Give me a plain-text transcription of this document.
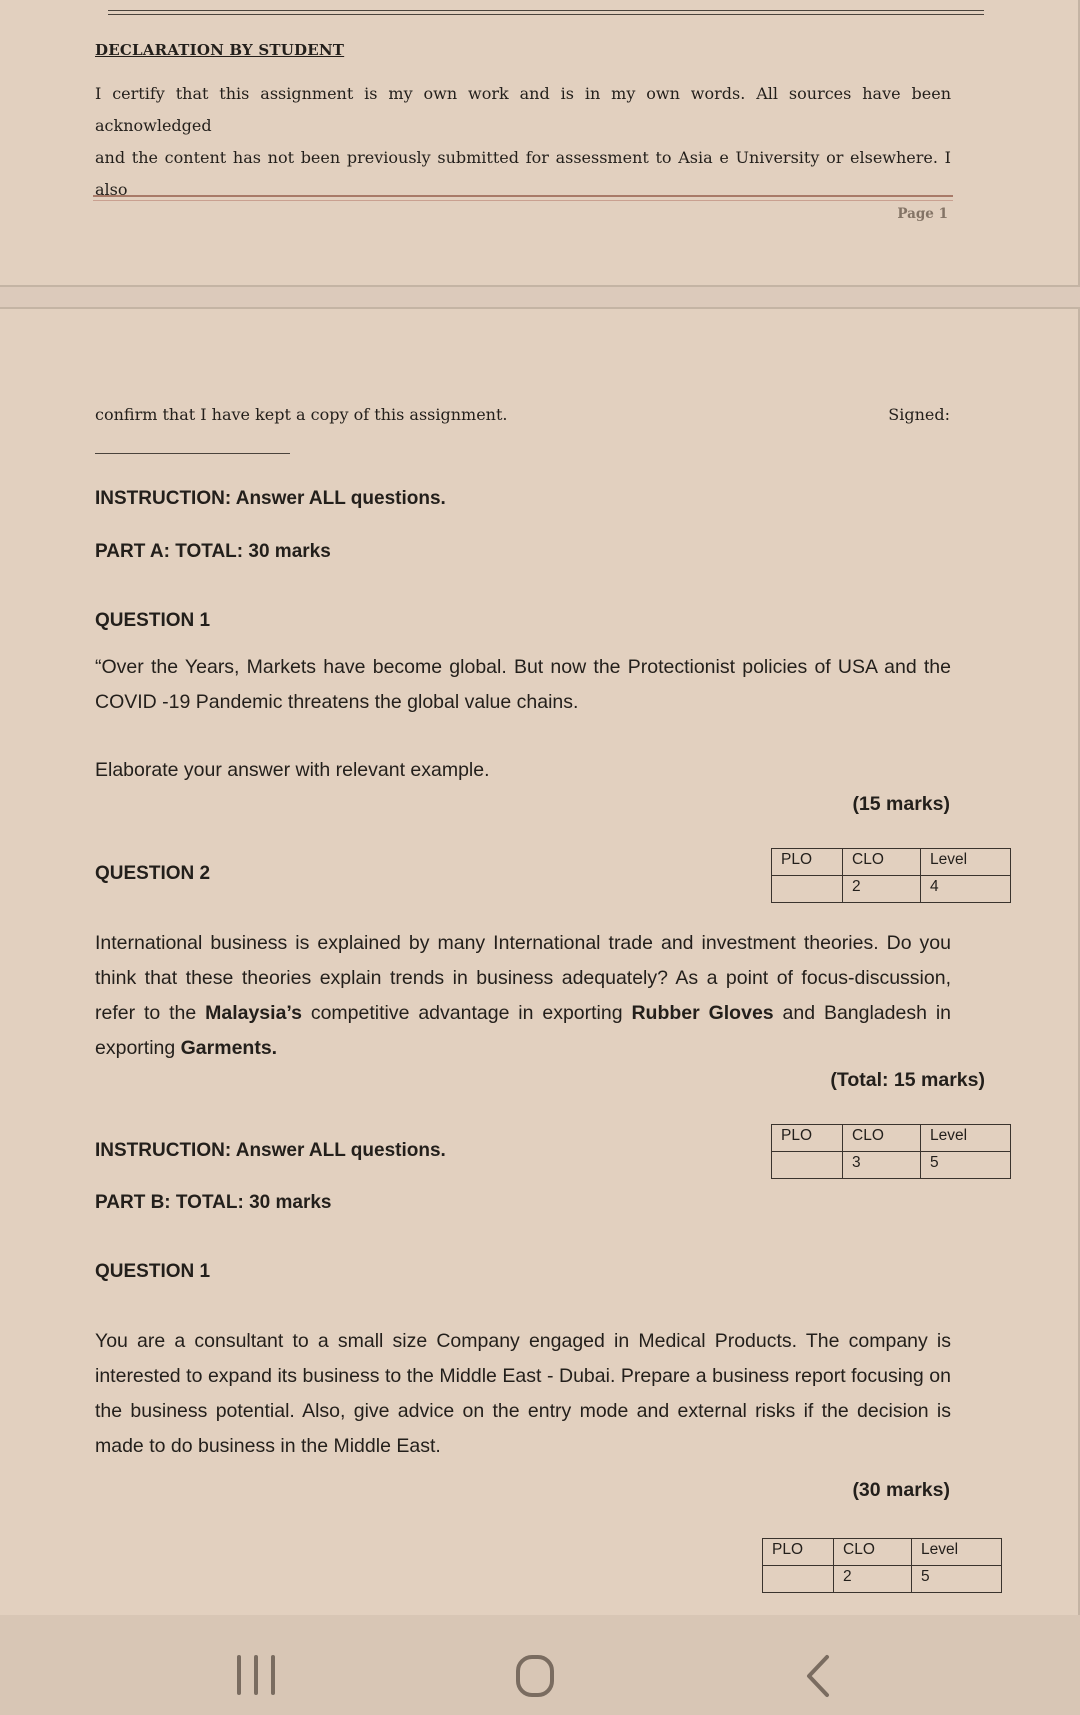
DECLARATION BY STUDENT
I certify that this assignment is my own work and is in my own words. All sources have been acknowledged
and the content has not been previously submitted for assessment to Asia e University or elsewhere. I also
Page 1
confirm that I have kept a copy of this assignment.	Signed:
INSTRUCTION: Answer ALL questions.
PART A: TOTAL: 30 marks
QUESTION 1
“Over the Years, Markets have become global. But now the Protectionist policies of USA and the COVID -19 Pandemic threatens the global value chains.
Elaborate your answer with relevant example.
(15 marks)
QUESTION 2
PLO	CLO	Level
	2	4
International business is explained by many International trade and investment theories. Do you think that these theories explain trends in business adequately? As a point of focus-discussion, refer to the Malaysia’s competitive advantage in exporting Rubber Gloves and Bangladesh in exporting Garments.
(Total: 15 marks)
INSTRUCTION: Answer ALL questions.
PLO	CLO	Level
	3	5
PART B: TOTAL: 30 marks
QUESTION 1
You are a consultant to a small size Company engaged in Medical Products. The company is interested to expand its business to the Middle East - Dubai. Prepare a business report focusing on the business potential. Also, give advice on the entry mode and external risks if the decision is made to do business in the Middle East.
(30 marks)
PLO	CLO	Level
	2	5
